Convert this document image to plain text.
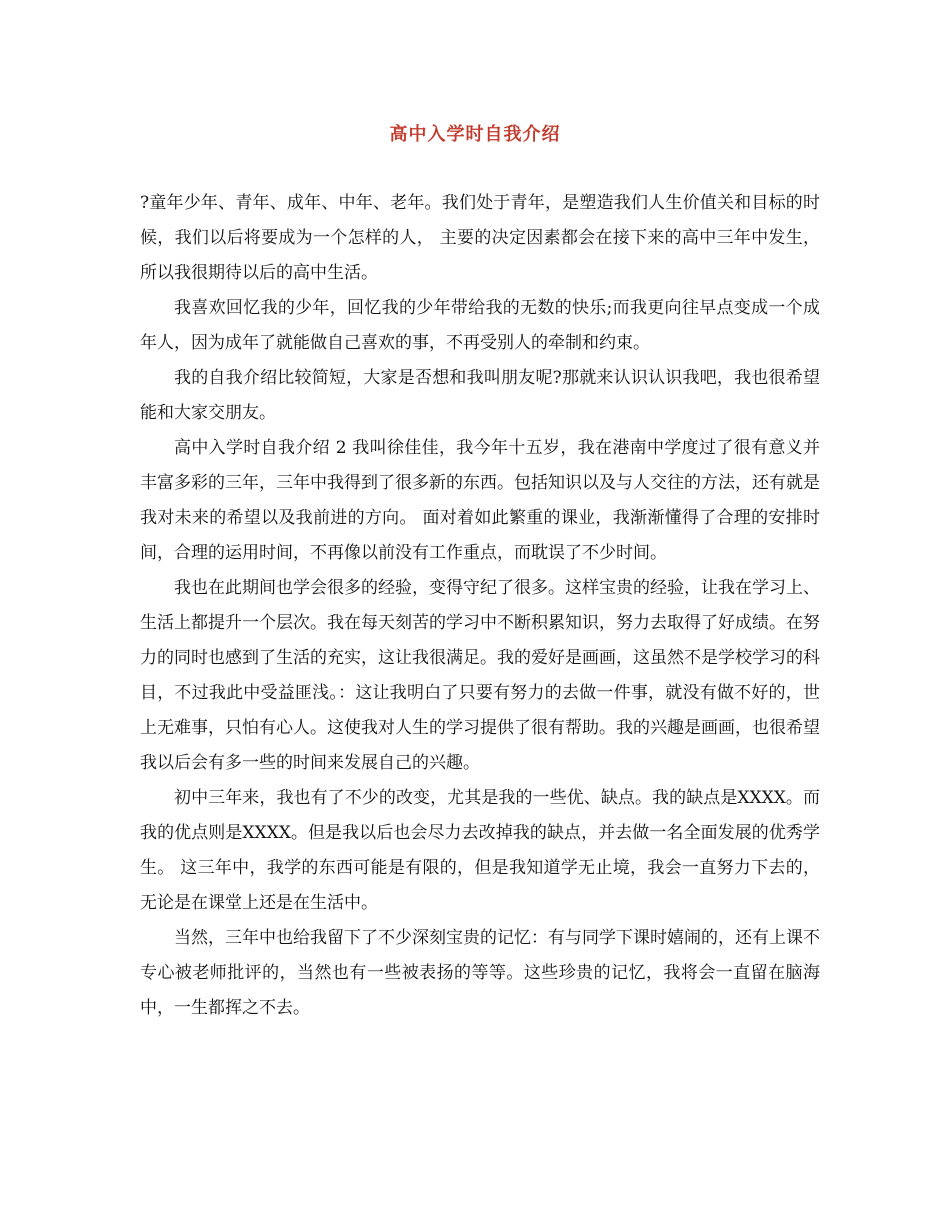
高中入学时自我介绍

?童年少年、青年、成年、中年、老年。我们处于青年，是塑造我们人生价值关和目标的时候，我们以后将要成为一个怎样的人， 主要的决定因素都会在接下来的高中三年中发生，所以我很期待以后的高中生活。

我喜欢回忆我的少年，回忆我的少年带给我的无数的快乐;而我更向往早点变成一个成年人，因为成年了就能做自己喜欢的事，不再受别人的牵制和约束。

我的自我介绍比较简短，大家是否想和我叫朋友呢?那就来认识认识我吧，我也很希望能和大家交朋友。

高中入学时自我介绍 2 我叫徐佳佳，我今年十五岁，我在港南中学度过了很有意义并丰富多彩的三年，三年中我得到了很多新的东西。包括知识以及与人交往的方法，还有就是我对未来的希望以及我前进的方向。 面对着如此繁重的课业，我渐渐懂得了合理的安排时间，合理的运用时间，不再像以前没有工作重点，而耽误了不少时间。

我也在此期间也学会很多的经验，变得守纪了很多。这样宝贵的经验，让我在学习上、生活上都提升一个层次。我在每天刻苦的学习中不断积累知识，努力去取得了好成绩。在努力的同时也感到了生活的充实，这让我很满足。我的爱好是画画，这虽然不是学校学习的科目，不过我此中受益匪浅。：这让我明白了只要有努力的去做一件事，就没有做不好的，世上无难事，只怕有心人。这使我对人生的学习提供了很有帮助。我的兴趣是画画，也很希望我以后会有多一些的时间来发展自己的兴趣。

初中三年来，我也有了不少的改变，尤其是我的一些优、缺点。我的缺点是XXXX。而我的优点则是XXXX。但是我以后也会尽力去改掉我的缺点，并去做一名全面发展的优秀学生。 这三年中，我学的东西可能是有限的，但是我知道学无止境，我会一直努力下去的，无论是在课堂上还是在生活中。

当然，三年中也给我留下了不少深刻宝贵的记忆：有与同学下课时嬉闹的，还有上课不专心被老师批评的，当然也有一些被表扬的等等。这些珍贵的记忆，我将会一直留在脑海中，一生都挥之不去。
